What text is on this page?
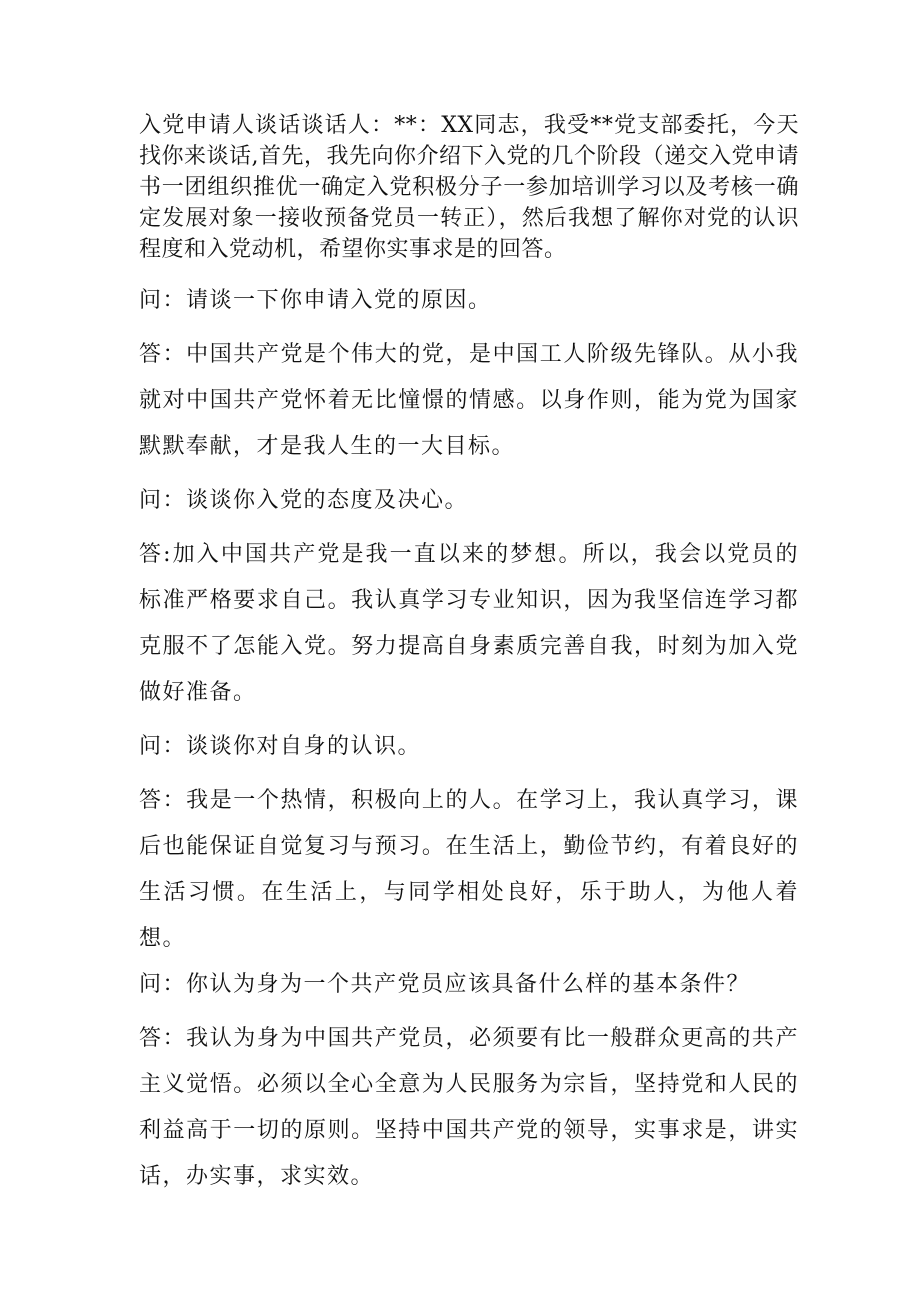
入党申请人谈话谈话人：**：XX同志，我受**党支部委托，今天找你来谈话,首先，我先向你介绍下入党的几个阶段（递交入党申请书一团组织推优一确定入党积极分子一参加培训学习以及考核一确定发展对象一接收预备党员一转正），然后我想了解你对党的认识程度和入党动机，希望你实事求是的回答。

问：请谈一下你申请入党的原因。

答：中国共产党是个伟大的党，是中国工人阶级先锋队。从小我就对中国共产党怀着无比憧憬的情感。以身作则，能为党为国家默默奉献，才是我人生的一大目标。

问：谈谈你入党的态度及决心。

答:加入中国共产党是我一直以来的梦想。所以，我会以党员的标准严格要求自己。我认真学习专业知识，因为我坚信连学习都克服不了怎能入党。努力提高自身素质完善自我，时刻为加入党做好准备。

问：谈谈你对自身的认识。

答：我是一个热情，积极向上的人。在学习上，我认真学习，课后也能保证自觉复习与预习。在生活上，勤俭节约，有着良好的生活习惯。在生活上，与同学相处良好，乐于助人，为他人着想。

问：你认为身为一个共产党员应该具备什么样的基本条件？

答：我认为身为中国共产党员，必须要有比一般群众更高的共产主义觉悟。必须以全心全意为人民服务为宗旨，坚持党和人民的利益高于一切的原则。坚持中国共产党的领导，实事求是，讲实话，办实事，求实效。
